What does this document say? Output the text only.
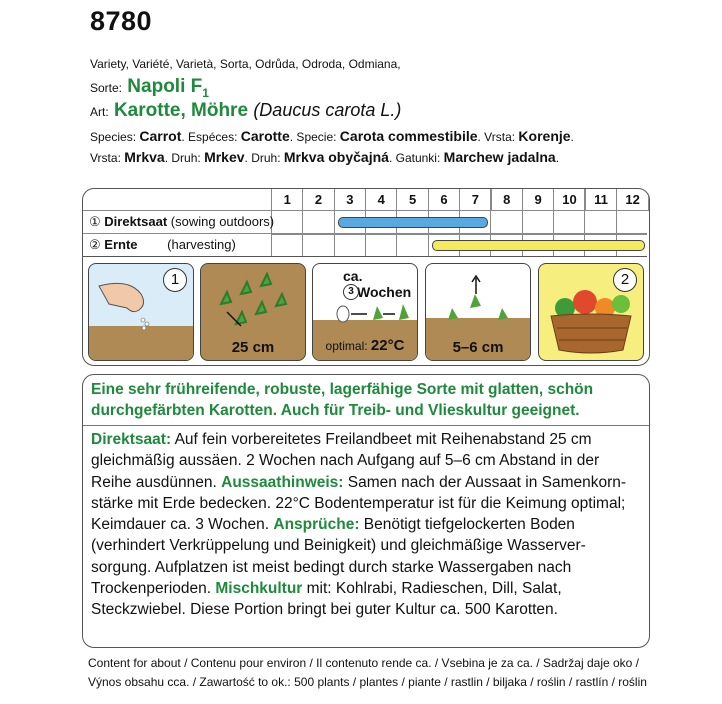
8780
Variety, Variété, Varietà, Sorta, Odrůda, Odroda, Odmiana,
Sorte: Napoli $F_1$
Art: Karotte, Möhre (Daucus carota L.)
Species: Carrot. Espéces: Carotte. Specie: Carota commestibile. Vrsta: Korenje.
Vrsta: Mrkva. Druh: Mrkev. Druh: Mrkva obyčajná. Gatunki: Marchew jadalna.
1	2	3	4	5	6	7	8	9	10	11	12

① Direktsaat (sowing outdoors)
② Ernte (harvesting)
1
25 cm
ca.
Wochen
3
optimal: 22°C	5–6 cm
2
Eine sehr frühreifende, robuste, lagerfähige Sorte mit glatten, schön durchgefärbten Karotten. Auch für Treib- und Vlieskultur geeignet.
Direktsaat: Auf fein vorbereitetes Freilandbeet mit Reihenabstand 25 cm gleichmäßig aussäen. 2 Wochen nach Aufgang auf 5–6 cm Abstand in der Reihe ausdünnen. Aussaathinweis: Samen nach der Aussaat in Samenkorn-stärke mit Erde bedecken. 22°C Bodentemperatur ist für die Keimung optimal; Keimdauer ca. 3 Wochen. Ansprüche: Benötigt tiefgelockerten Boden (verhindert Verkrüppelung und Beinigkeit) und gleichmäßige Wasserver-sorgung. Aufplatzen ist meist bedingt durch starke Wassergaben nach Trockenperioden. Mischkultur mit: Kohlrabi, Radieschen, Dill, Salat, Steckzwiebel. Diese Portion bringt bei guter Kultur ca. 500 Karotten.
Content for about / Contenu pour environ / Il contenuto rende ca. / Vsebina je za ca. / Sadržaj daje oko /
Výnos obsahu cca. / Zawartość to ok.: 500 plants / plantes / piante / rastlin / biljaka / roślin / rastlín / roślin
